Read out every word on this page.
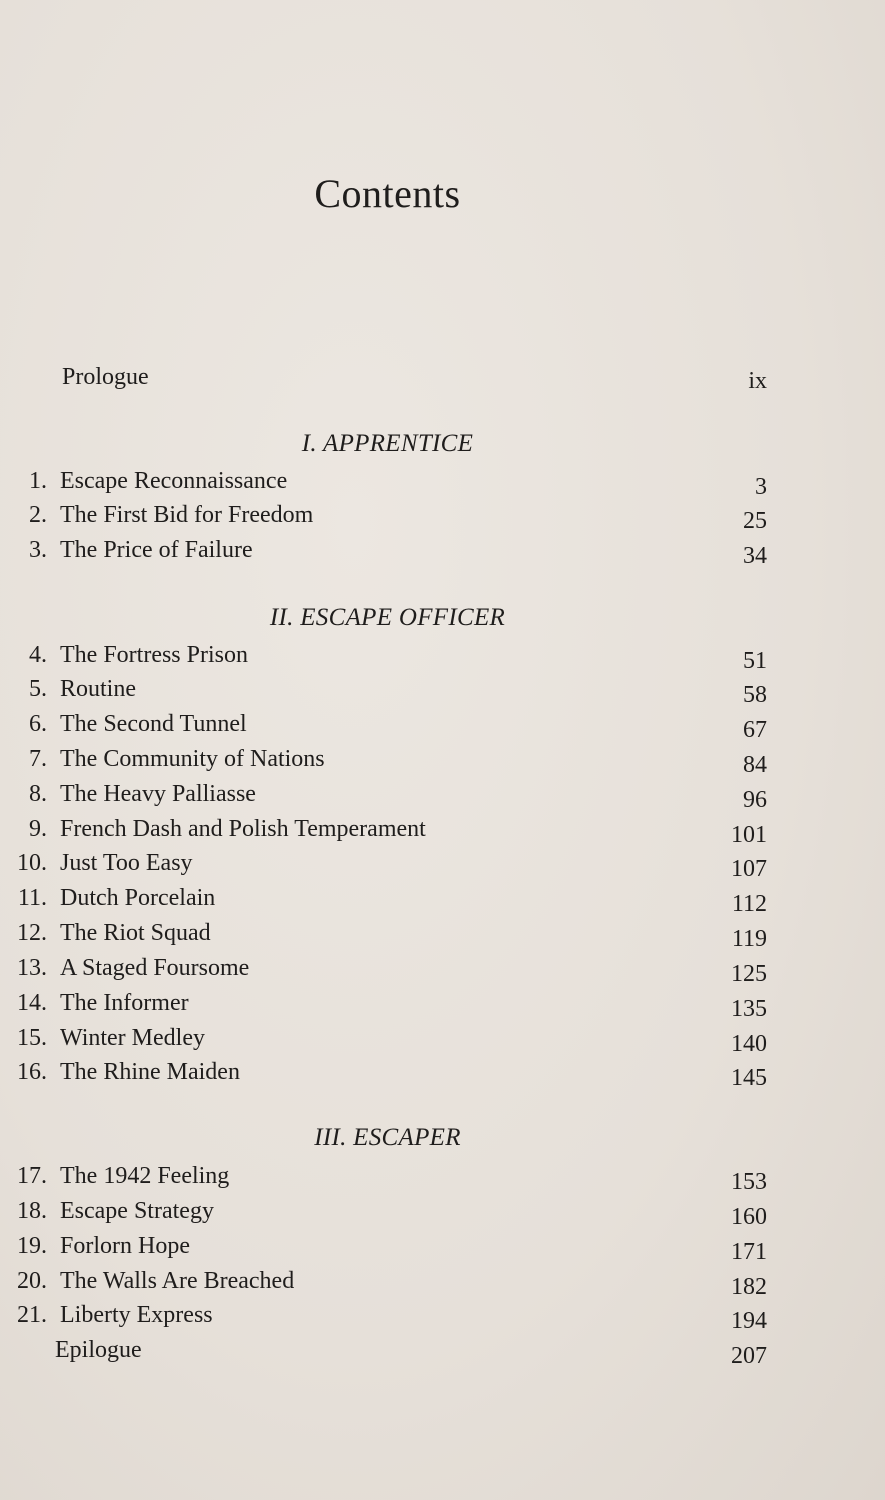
Contents
Prologue	ix
I. APPRENTICE
1. Escape Reconnaissance	3
2. The First Bid for Freedom	25
3. The Price of Failure	34
II. ESCAPE OFFICER
4. The Fortress Prison	51
5. Routine	58
6. The Second Tunnel	67
7. The Community of Nations	84
8. The Heavy Palliasse	96
9. French Dash and Polish Temperament	101
10. Just Too Easy	107
11. Dutch Porcelain	112
12. The Riot Squad	119
13. A Staged Foursome	125
14. The Informer	135
15. Winter Medley	140
16. The Rhine Maiden	145
III. ESCAPER
17. The 1942 Feeling	153
18. Escape Strategy	160
19. Forlorn Hope	171
20. The Walls Are Breached	182
21. Liberty Express	194
Epilogue	207
